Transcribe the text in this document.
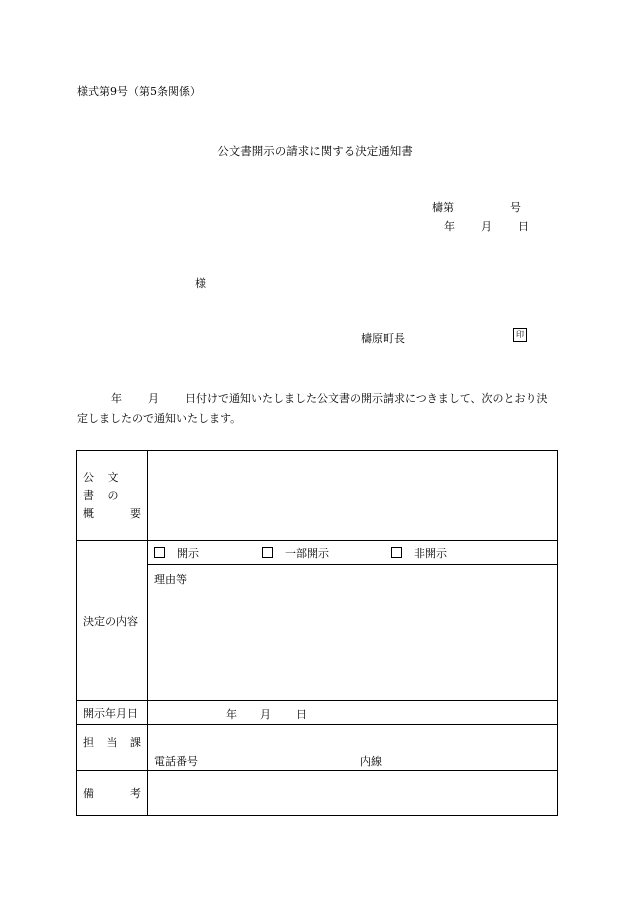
様式第9号（第5条関係）
公文書開示の請求に関する決定通知書
檮第	号
年 月 日
様
檮原町長	印
年 月 日付けで通知いたしました公文書の開示請求につきまして、次のとおり決定しましたので通知いたします。
公 文 書 の
概 要	

決定の内容	開示 一部開示 非開示

	理由等

開示年月日	年 月 日

担 当 課	電話番号 内線

備 考	
